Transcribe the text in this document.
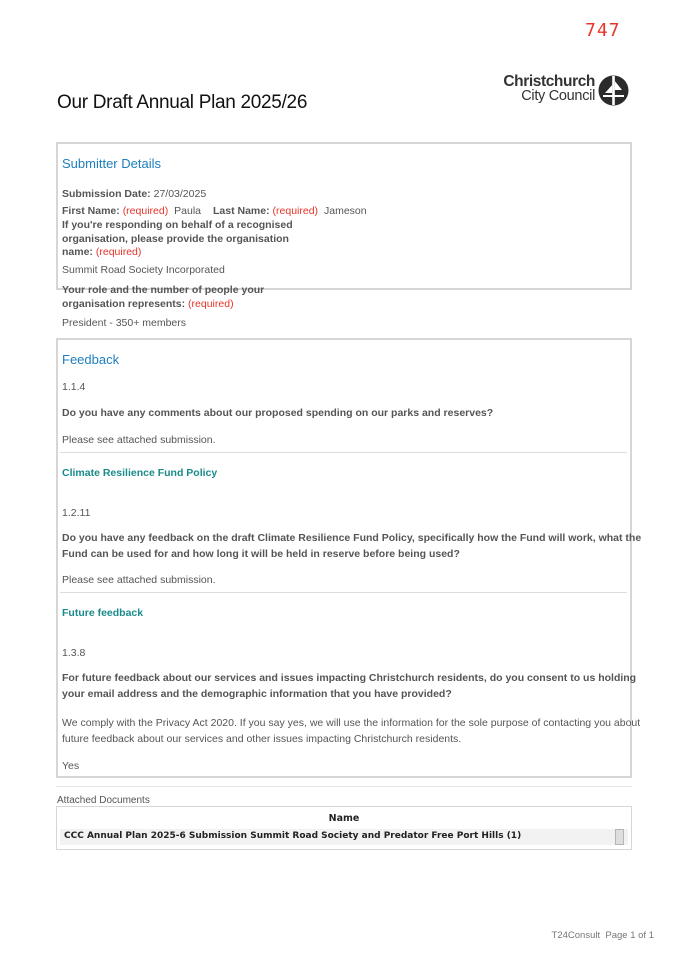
747
Our Draft Annual Plan 2025/26
Christchurch
City Council
Submitter Details
Submission Date: 27/03/2025
First Name: (required) Paula Last Name: (required) Jameson
If you're responding on behalf of a recognised
organisation, please provide the organisation
name: (required)
Summit Road Society Incorporated
Your role and the number of people your
organisation represents: (required)
President - 350+ members
Feedback
1.1.4
Do you have any comments about our proposed spending on our parks and reserves?
Please see attached submission.
Climate Resilience Fund Policy
1.2.11
Do you have any feedback on the draft Climate Resilience Fund Policy, specifically how the Fund will work, what the
Fund can be used for and how long it will be held in reserve before being used?
Please see attached submission.
Future feedback
1.3.8
For future feedback about our services and issues impacting Christchurch residents, do you consent to us holding
your email address and the demographic information that you have provided?
We comply with the Privacy Act 2020. If you say yes, we will use the information for the sole purpose of contacting you about
future feedback about our services and other issues impacting Christchurch residents.
Yes
Attached Documents
Name
CCC Annual Plan 2025-6 Submission Summit Road Society and Predator Free Port Hills (1)
T24Consult  Page 1 of 1
